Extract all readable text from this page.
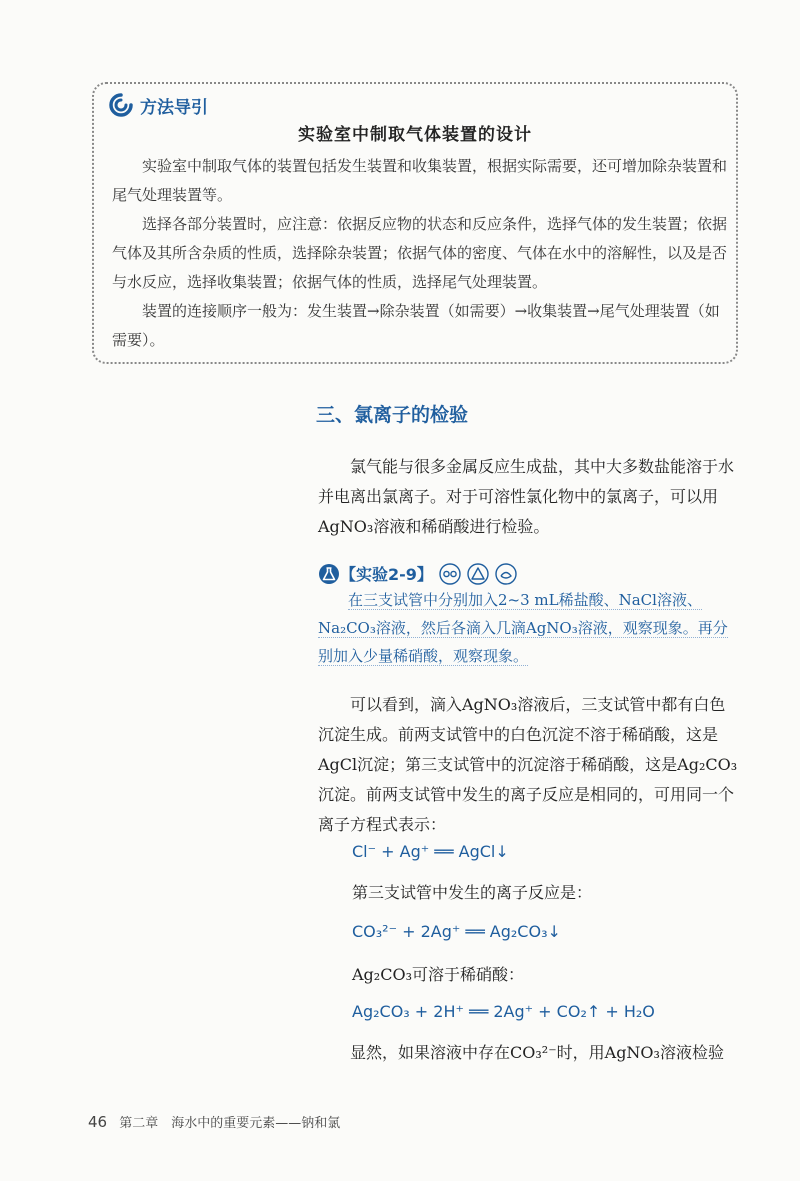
方法导引
实验室中制取气体装置的设计

实验室中制取气体的装置包括发生装置和收集装置，根据实际需要，还可增加除杂装置和尾气处理装置等。

选择各部分装置时，应注意：依据反应物的状态和反应条件，选择气体的发生装置；依据气体及其所含杂质的性质，选择除杂装置；依据气体的密度、气体在水中的溶解性，以及是否与水反应，选择收集装置；依据气体的性质，选择尾气处理装置。

装置的连接顺序一般为：发生装置→除杂装置（如需要）→收集装置→尾气处理装置（如需要）。

三、氯离子的检验

氯气能与很多金属反应生成盐，其中大多数盐能溶于水并电离出氯离子。对于可溶性氯化物中的氯离子，可以用AgNO₃溶液和稀硝酸进行检验。

【实验2-9】

在三支试管中分别加入2~3 mL稀盐酸、NaCl溶液、Na₂CO₃溶液，然后各滴入几滴AgNO₃溶液，观察现象。再分别加入少量稀硝酸，观察现象。

可以看到，滴入AgNO₃溶液后，三支试管中都有白色沉淀生成。前两支试管中的白色沉淀不溶于稀硝酸，这是AgCl沉淀；第三支试管中的沉淀溶于稀硝酸，这是Ag₂CO₃沉淀。前两支试管中发生的离子反应是相同的，可用同一个离子方程式表示：

Cl⁻ + Ag⁺ ══ AgCl↓
第三支试管中发生的离子反应是：
CO₃²⁻ + 2Ag⁺ ══ Ag₂CO₃↓
Ag₂CO₃可溶于稀硝酸：
Ag₂CO₃ + 2H⁺ ══ 2Ag⁺ + CO₂↑ + H₂O

显然，如果溶液中存在CO₃²⁻时，用AgNO₃溶液检验

46 第二章　海水中的重要元素——钠和氯
